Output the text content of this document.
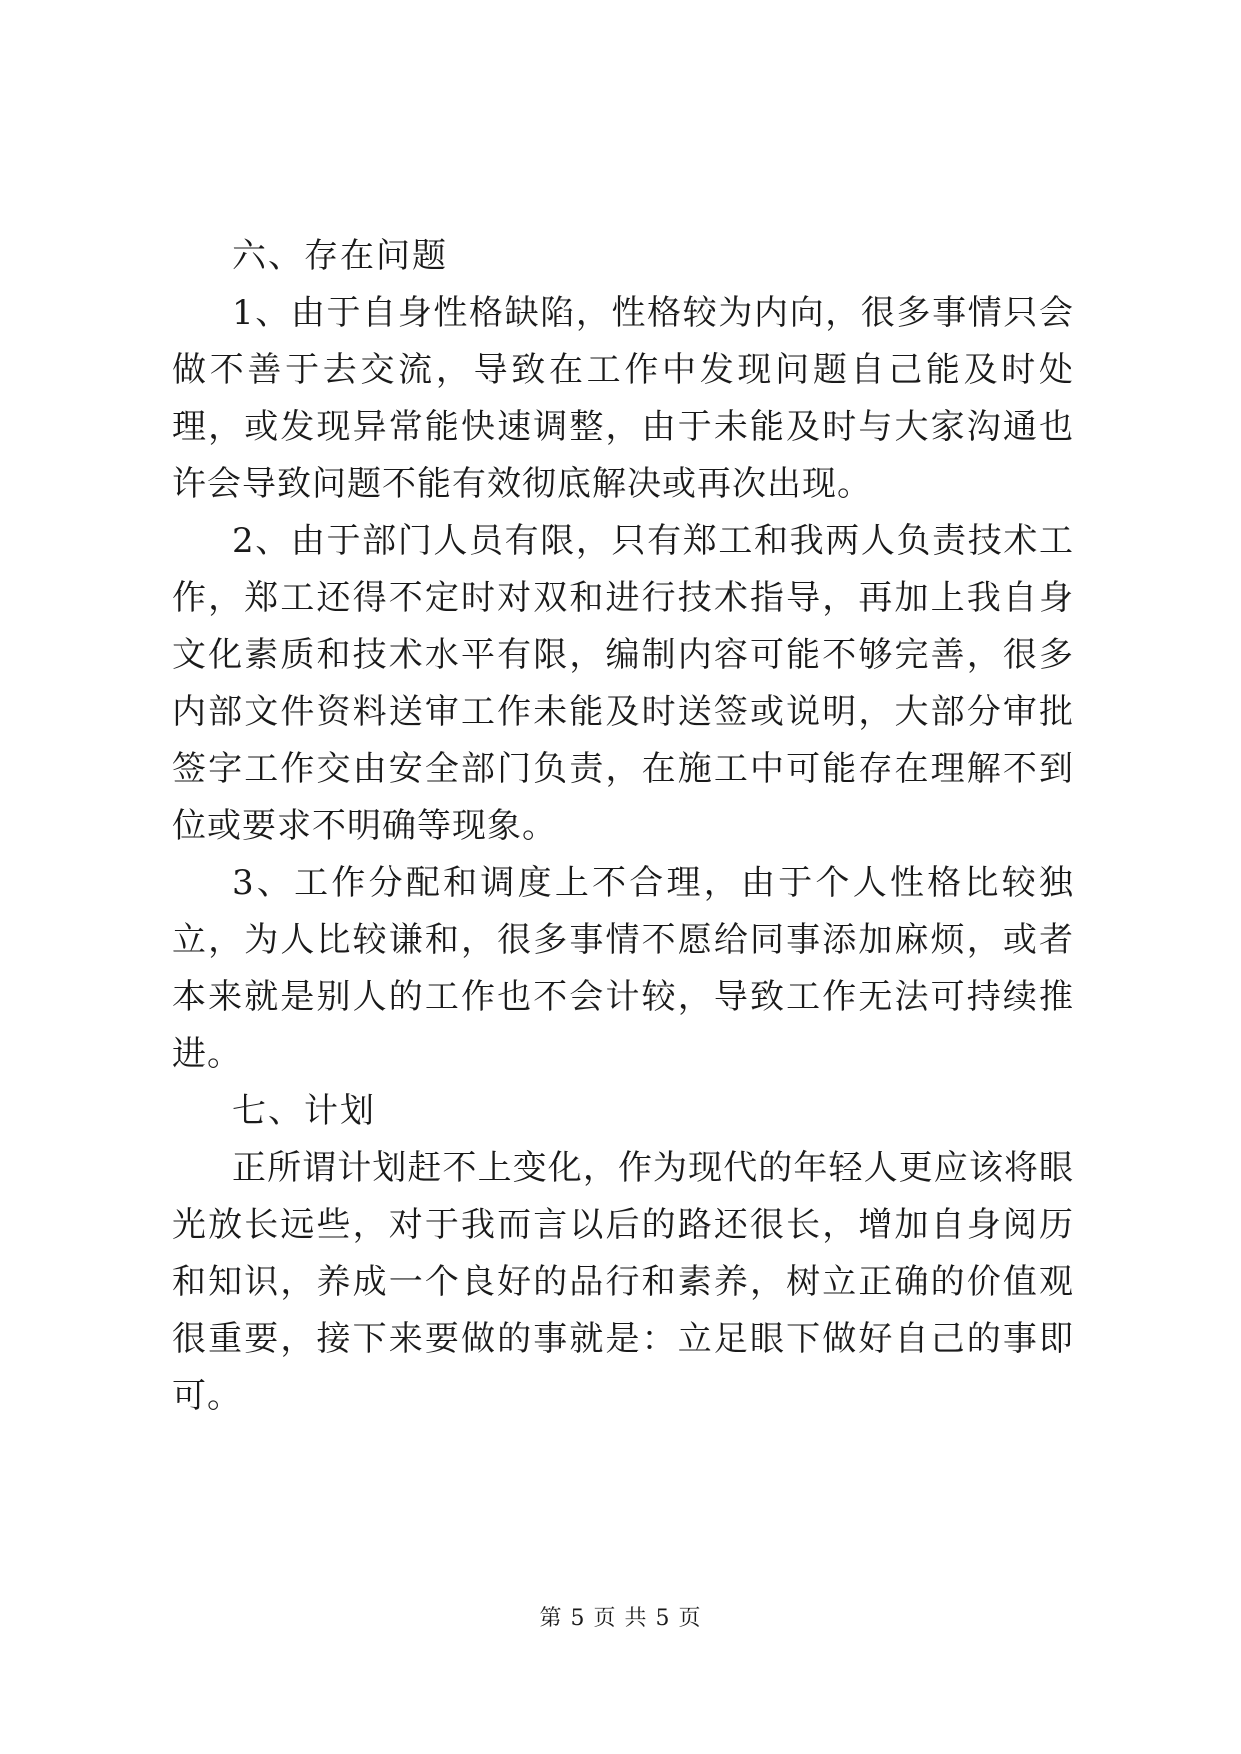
六、存在问题

1、由于自身性格缺陷，性格较为内向，很多事情只会做不善于去交流，导致在工作中发现问题自己能及时处理，或发现异常能快速调整，由于未能及时与大家沟通也许会导致问题不能有效彻底解决或再次出现。

2、由于部门人员有限，只有郑工和我两人负责技术工作，郑工还得不定时对双和进行技术指导，再加上我自身文化素质和技术水平有限，编制内容可能不够完善，很多内部文件资料送审工作未能及时送签或说明，大部分审批签字工作交由安全部门负责，在施工中可能存在理解不到位或要求不明确等现象。

3、工作分配和调度上不合理，由于个人性格比较独立，为人比较谦和，很多事情不愿给同事添加麻烦，或者本来就是别人的工作也不会计较，导致工作无法可持续推进。

七、计划

正所谓计划赶不上变化，作为现代的年轻人更应该将眼光放长远些，对于我而言以后的路还很长，增加自身阅历和知识，养成一个良好的品行和素养，树立正确的价值观很重要，接下来要做的事就是：立足眼下做好自己的事即可。

第 5 页 共 5 页
